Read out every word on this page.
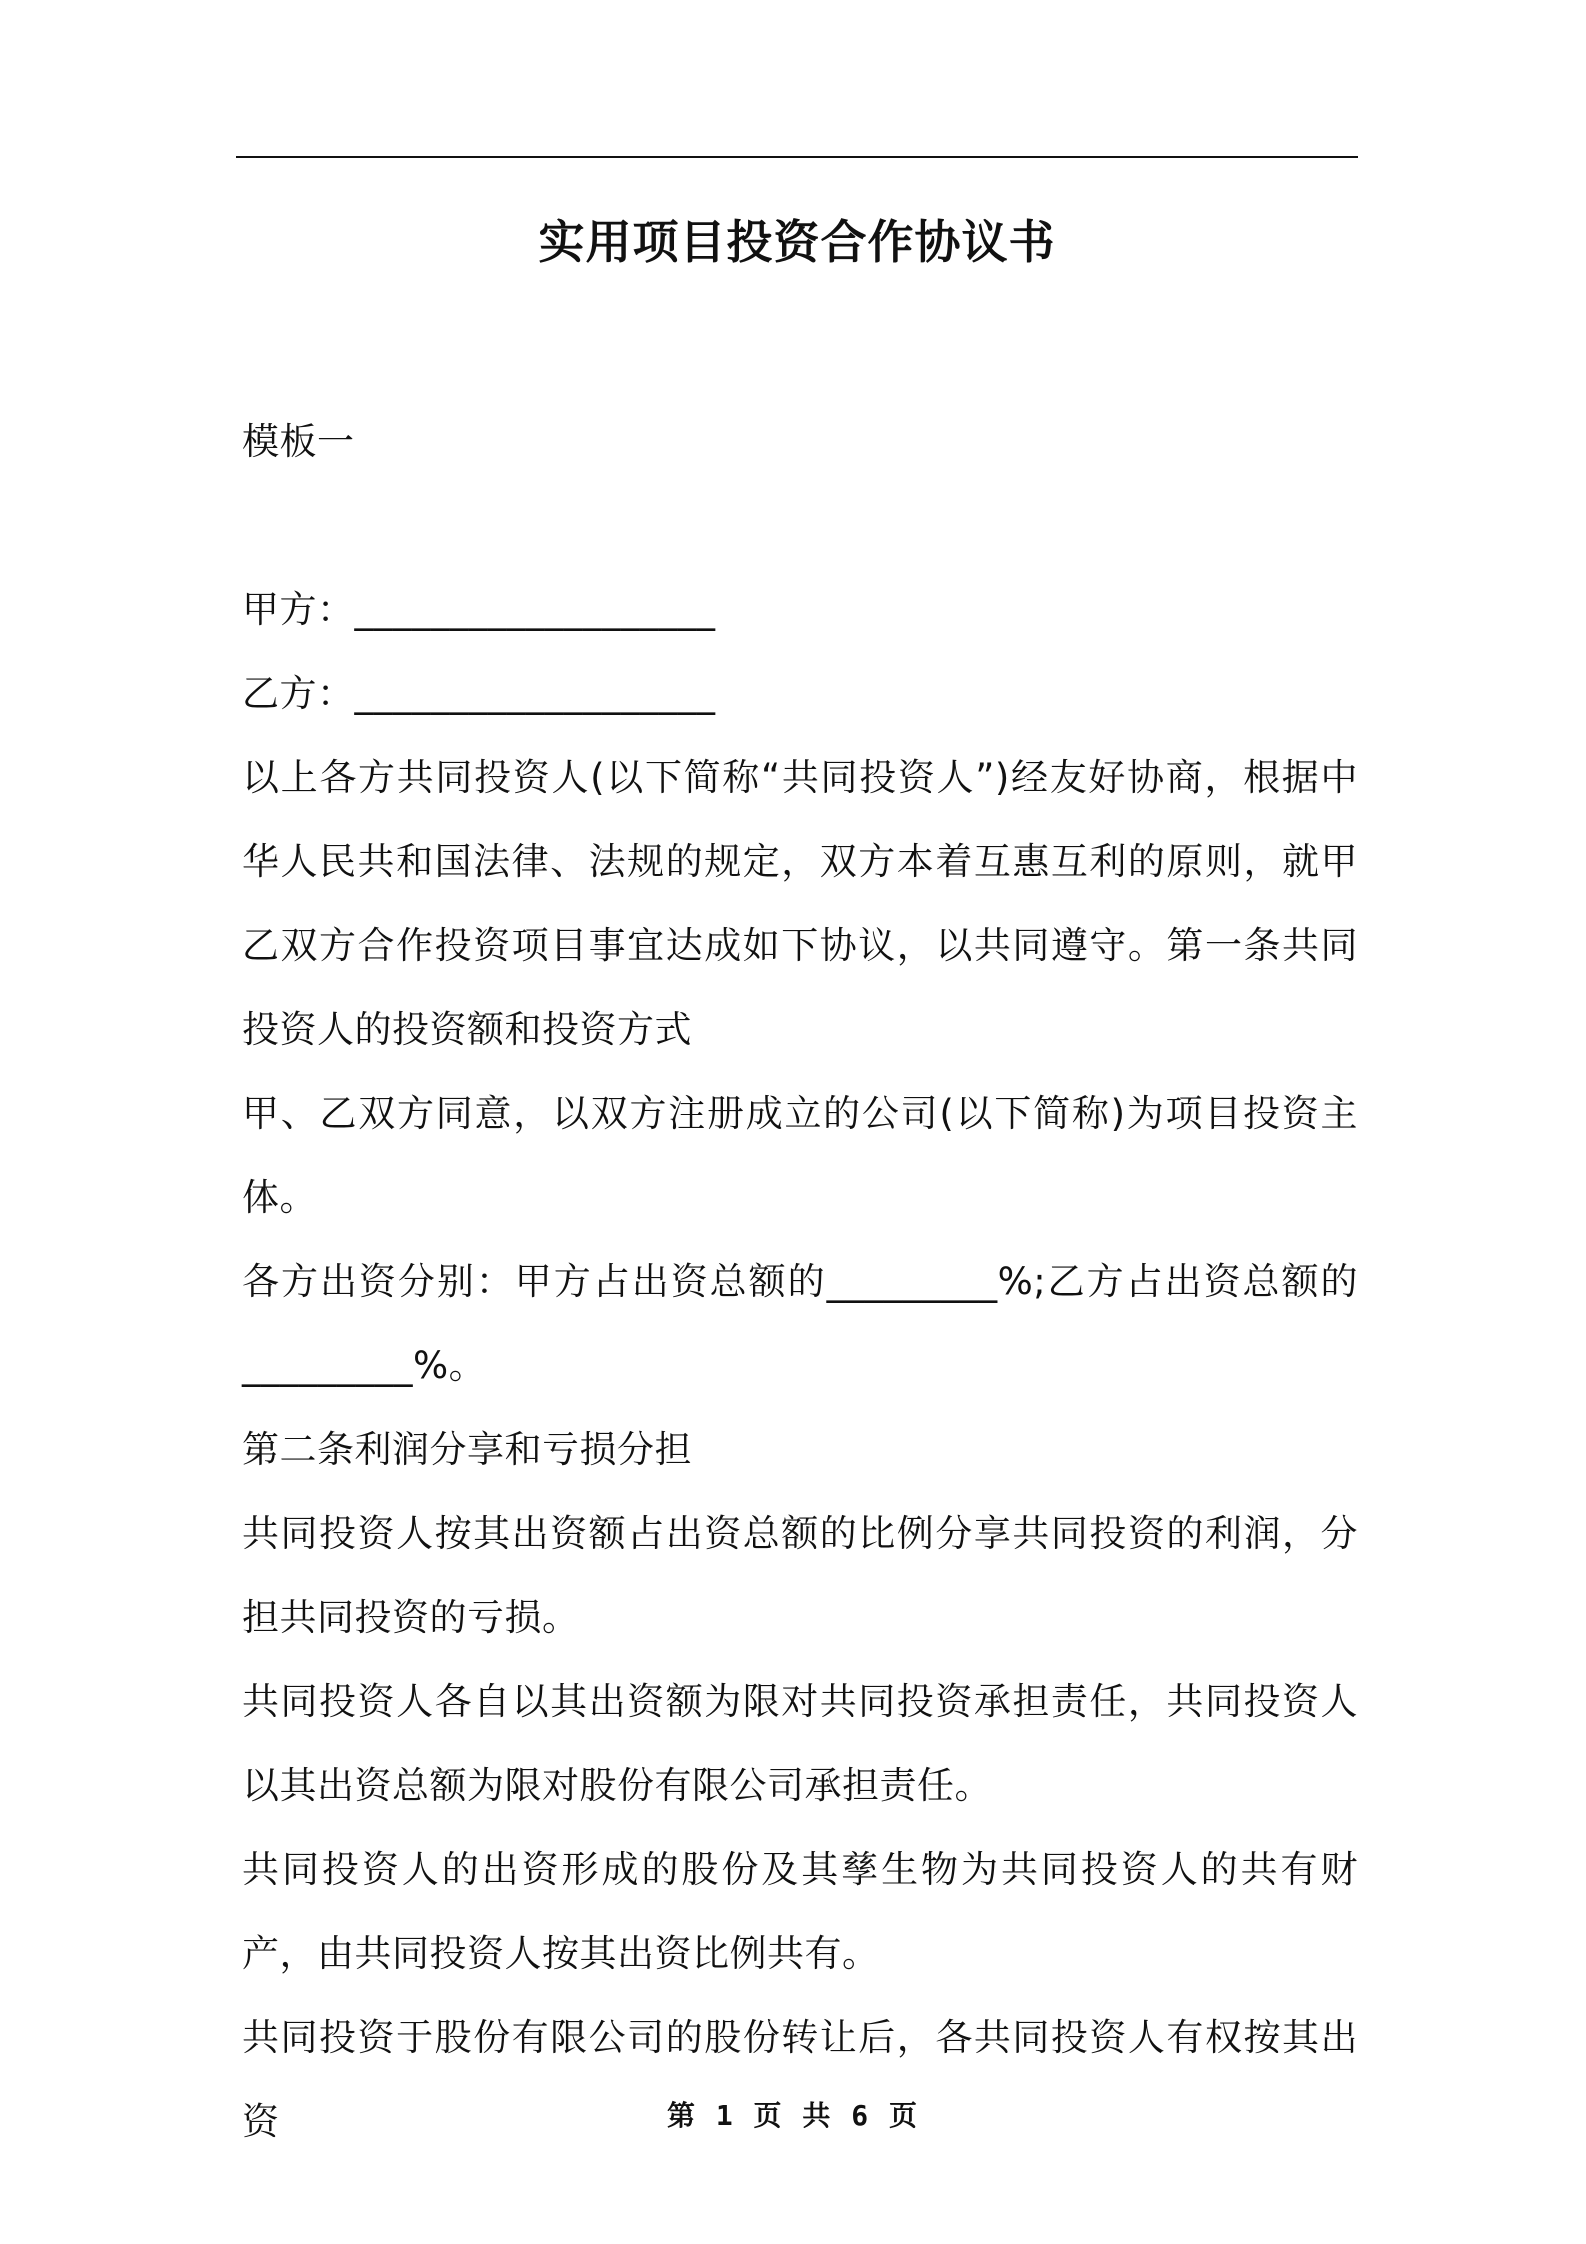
实用项目投资合作协议书
模板一

甲方：___________________

乙方：___________________

以上各方共同投资人(以下简称“共同投资人”)经友好协商，根据中华人民共和国法律、法规的规定，双方本着互惠互利的原则，就甲乙双方合作投资项目事宜达成如下协议，以共同遵守。第一条共同投资人的投资额和投资方式

甲、乙双方同意，以双方注册成立的公司(以下简称)为项目投资主体。

各方出资分别：甲方占出资总额的_________%;乙方占出资总额的_________%。

第二条利润分享和亏损分担

共同投资人按其出资额占出资总额的比例分享共同投资的利润，分担共同投资的亏损。

共同投资人各自以其出资额为限对共同投资承担责任，共同投资人以其出资总额为限对股份有限公司承担责任。

共同投资人的出资形成的股份及其孳生物为共同投资人的共有财产，由共同投资人按其出资比例共有。

共同投资于股份有限公司的股份转让后，各共同投资人有权按其出资	第 1 页 共 6 页
